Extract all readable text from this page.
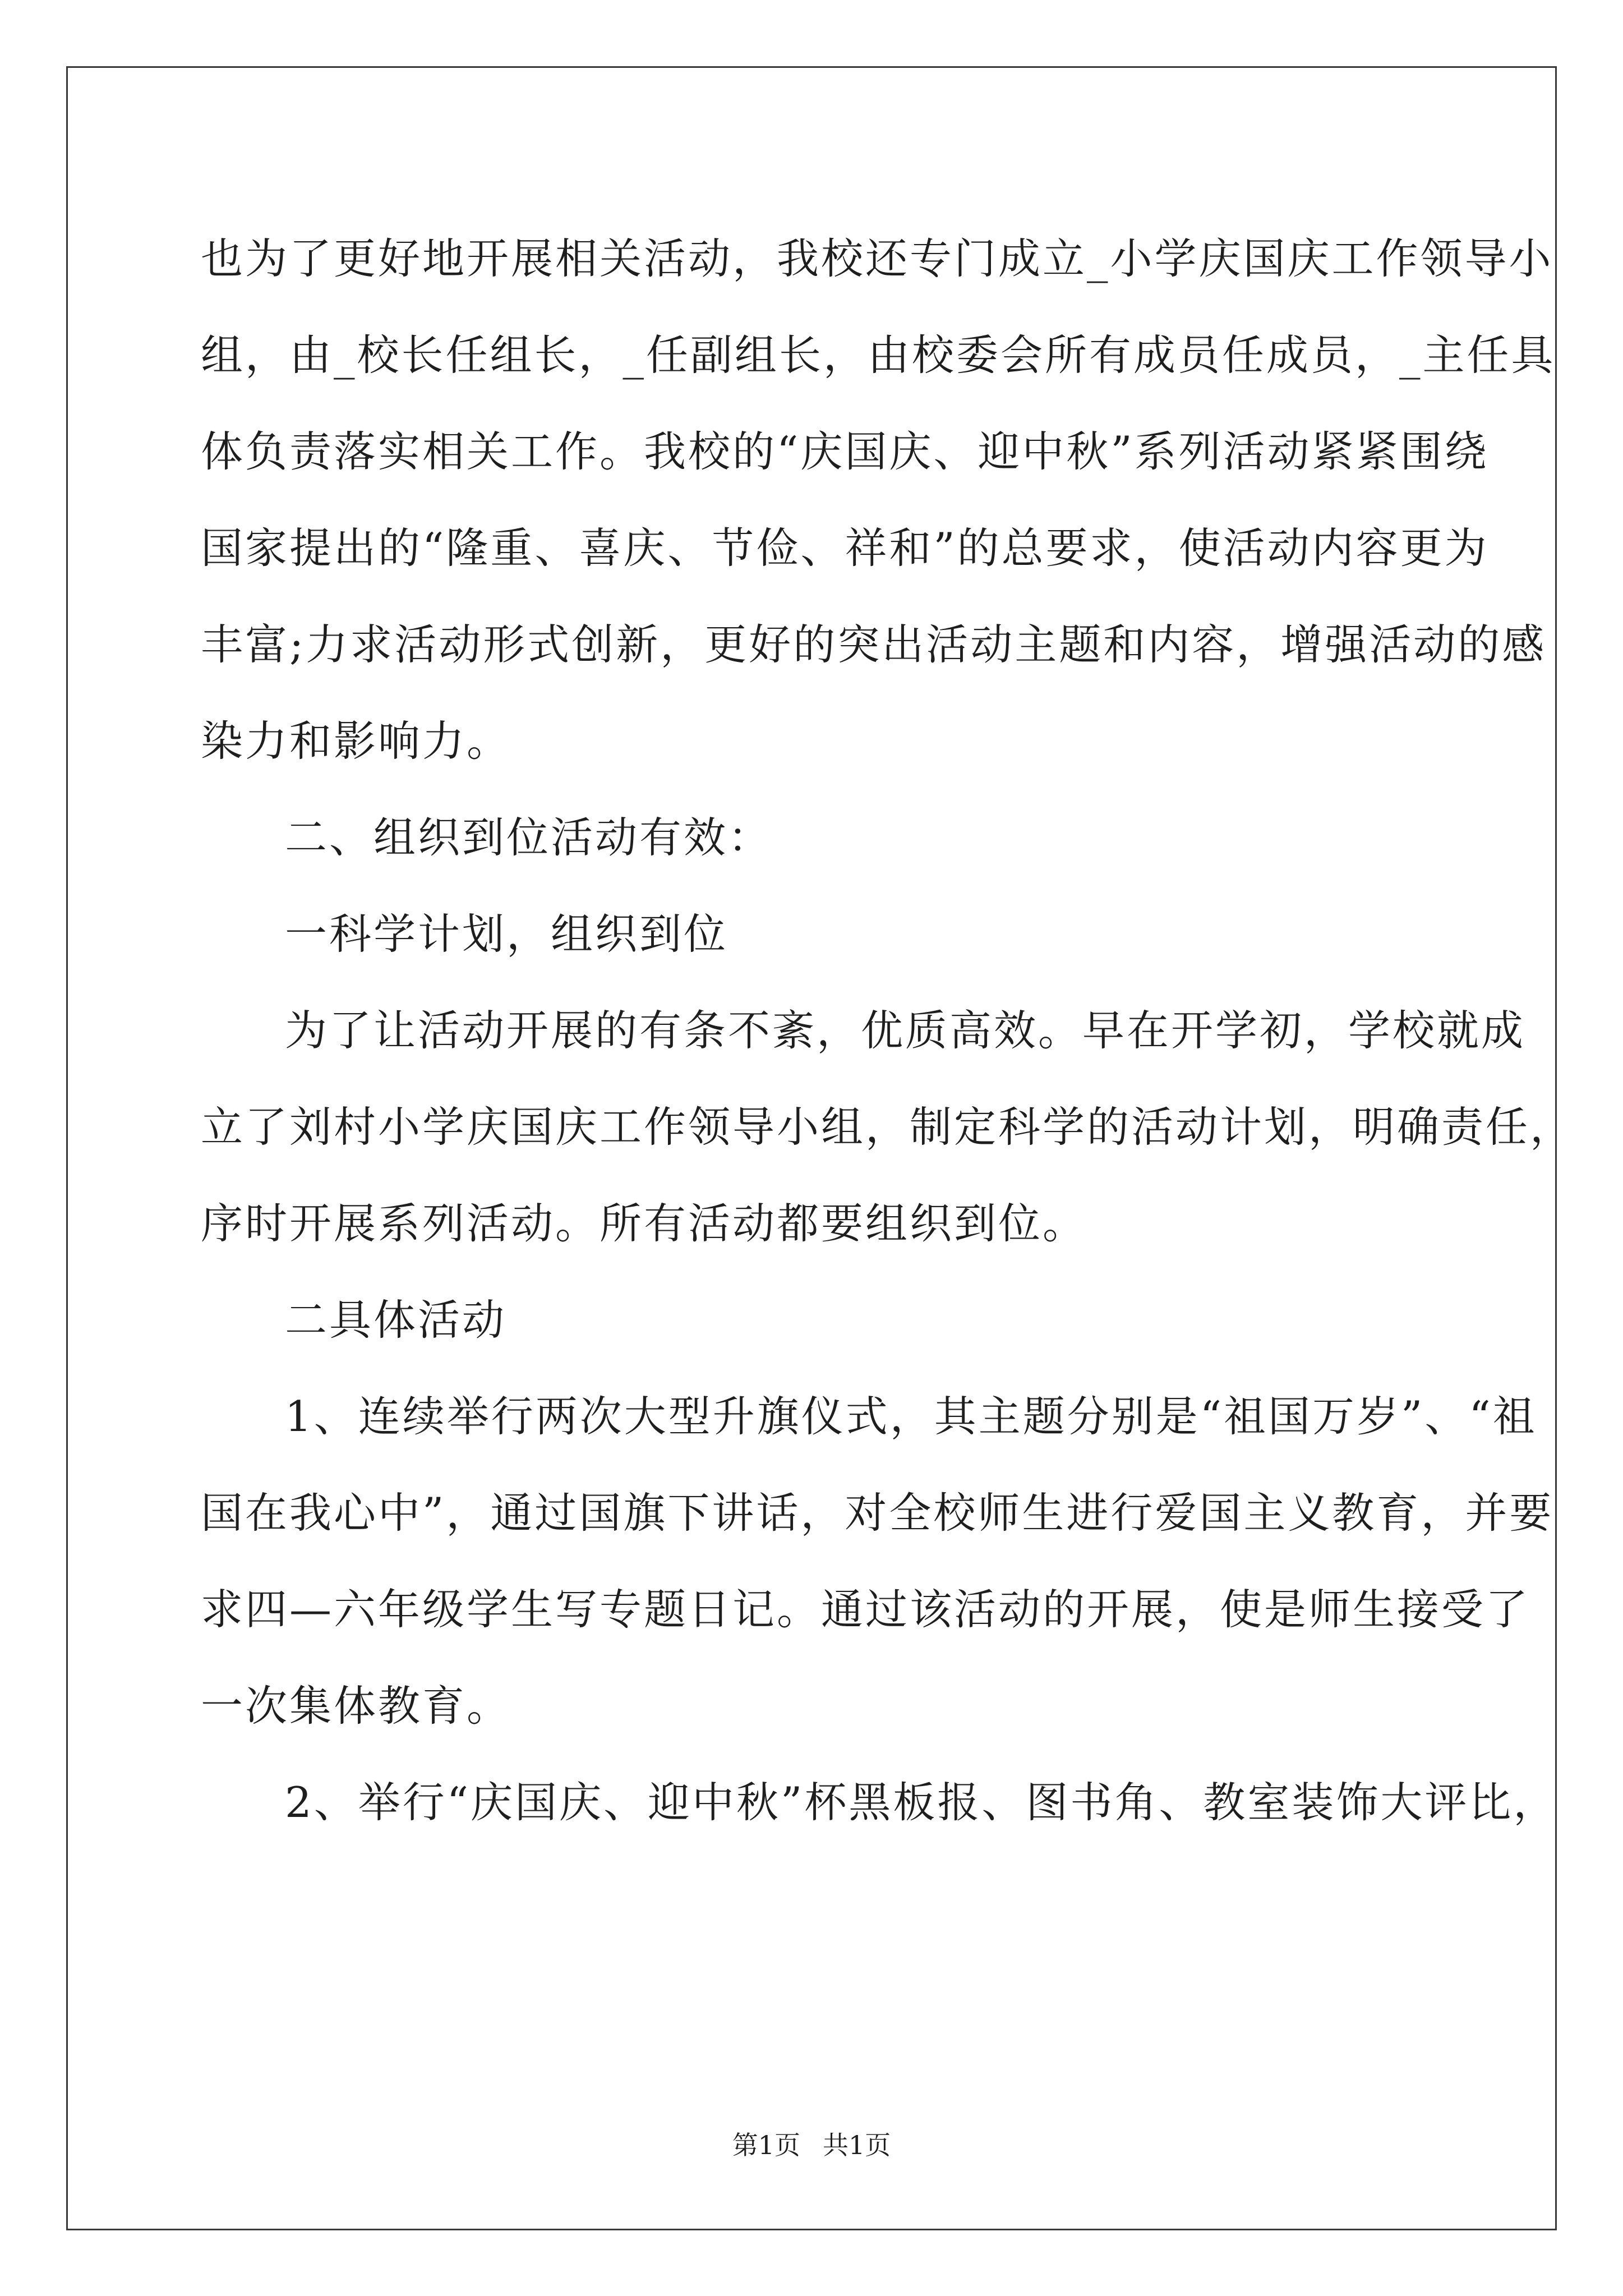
也为了更好地开展相关活动，我校还专门成立_小学庆国庆工作领导小
组，由_校长任组长，_任副组长，由校委会所有成员任成员，_主任具
体负责落实相关工作。我校的“庆国庆、迎中秋”系列活动紧紧围绕
国家提出的“隆重、喜庆、节俭、祥和”的总要求，使活动内容更为
丰富;力求活动形式创新，更好的突出活动主题和内容，增强活动的感
染力和影响力。
二、组织到位活动有效：
一科学计划，组织到位
为了让活动开展的有条不紊，优质高效。早在开学初，学校就成
立了刘村小学庆国庆工作领导小组，制定科学的活动计划，明确责任，
序时开展系列活动。所有活动都要组织到位。
二具体活动
1、连续举行两次大型升旗仪式，其主题分别是“祖国万岁”、“祖
国在我心中”，通过国旗下讲话，对全校师生进行爱国主义教育，并要
求四—六年级学生写专题日记。通过该活动的开展，使是师生接受了
一次集体教育。
2、举行“庆国庆、迎中秋”杯黑板报、图书角、教室装饰大评比，
第1页 共1页
